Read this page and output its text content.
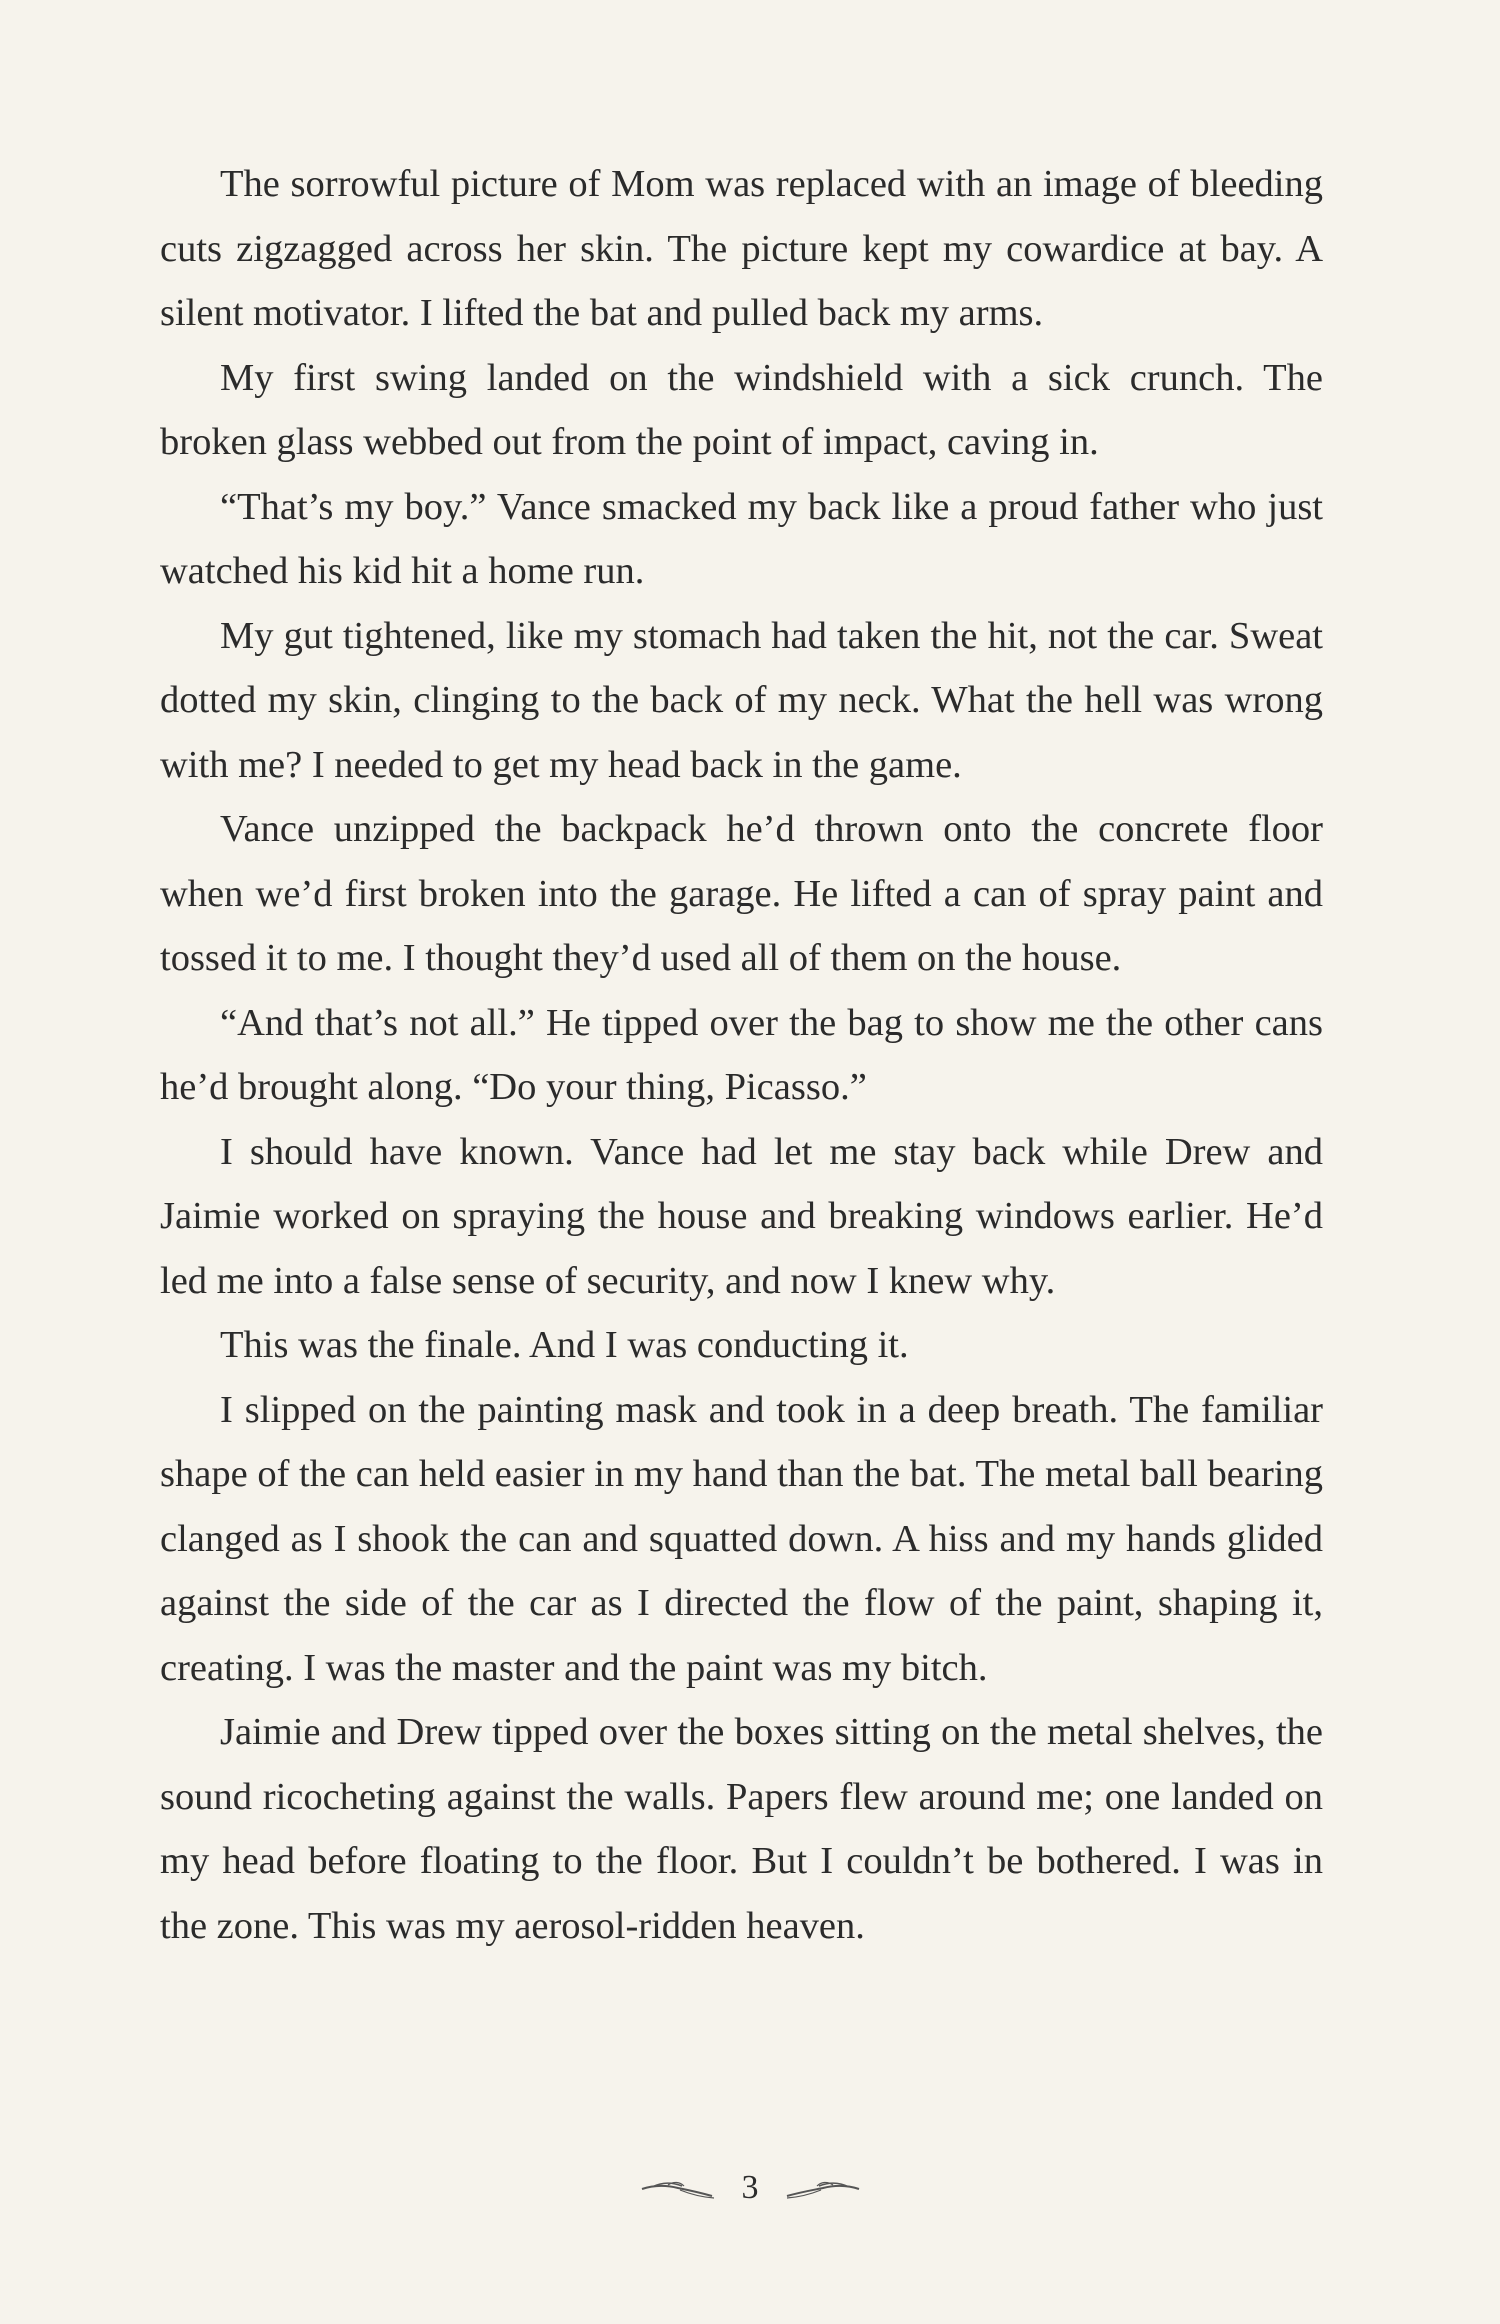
The sorrowful picture of Mom was replaced with an image of bleeding cuts zigzagged across her skin. The picture kept my cowardice at bay. A silent motivator. I lifted the bat and pulled back my arms.

My first swing landed on the windshield with a sick crunch. The broken glass webbed out from the point of impact, caving in.

“That’s my boy.” Vance smacked my back like a proud father who just watched his kid hit a home run.

My gut tightened, like my stomach had taken the hit, not the car. Sweat dotted my skin, clinging to the back of my neck. What the hell was wrong with me? I needed to get my head back in the game.

Vance unzipped the backpack he’d thrown onto the concrete floor when we’d first broken into the garage. He lifted a can of spray paint and tossed it to me. I thought they’d used all of them on the house.

“And that’s not all.” He tipped over the bag to show me the other cans he’d brought along. “Do your thing, Picasso.”

I should have known. Vance had let me stay back while Drew and Jaimie worked on spraying the house and breaking windows earlier. He’d led me into a false sense of security, and now I knew why.

This was the finale. And I was conducting it.

I slipped on the painting mask and took in a deep breath. The familiar shape of the can held easier in my hand than the bat. The metal ball bearing clanged as I shook the can and squatted down. A hiss and my hands glided against the side of the car as I directed the flow of the paint, shaping it, creating. I was the master and the paint was my bitch.

Jaimie and Drew tipped over the boxes sitting on the metal shelves, the sound ricocheting against the walls. Papers flew around me; one landed on my head before floating to the floor. But I couldn’t be bothered. I was in the zone. This was my aerosol-ridden heaven.

3
